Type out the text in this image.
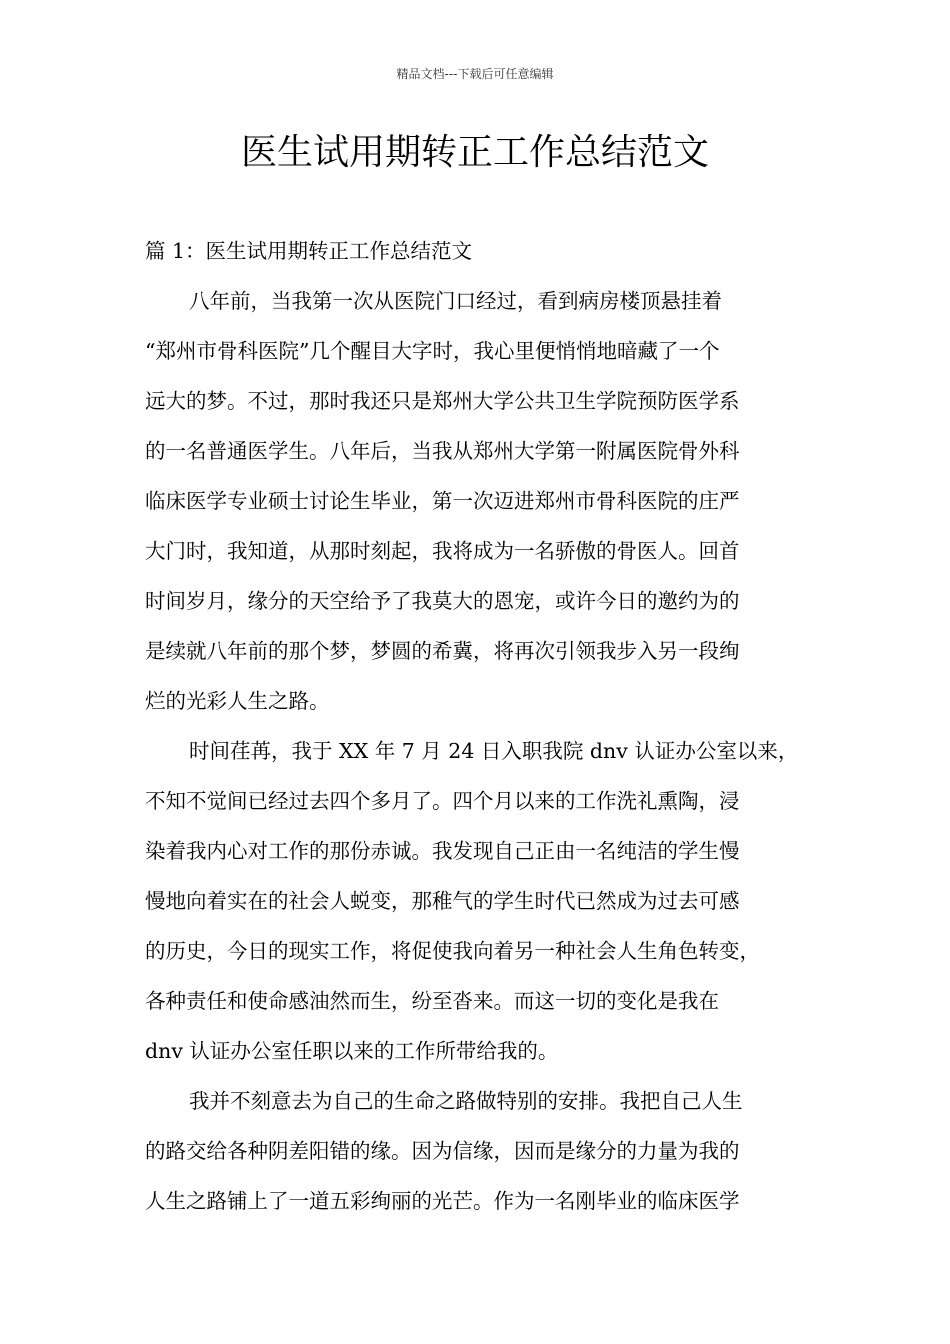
精品文档---下载后可任意编辑
医生试用期转正工作总结范文
篇 1：医生试用期转正工作总结范文
八年前，当我第一次从医院门口经过，看到病房楼顶悬挂着
“郑州市骨科医院”几个醒目大字时，我心里便悄悄地暗藏了一个
远大的梦。不过，那时我还只是郑州大学公共卫生学院预防医学系
的一名普通医学生。八年后，当我从郑州大学第一附属医院骨外科
临床医学专业硕士讨论生毕业，第一次迈进郑州市骨科医院的庄严
大门时，我知道，从那时刻起，我将成为一名骄傲的骨医人。回首
时间岁月，缘分的天空给予了我莫大的恩宠，或许今日的邀约为的
是续就八年前的那个梦，梦圆的希冀，将再次引领我步入另一段绚
烂的光彩人生之路。
时间荏苒，我于 XX 年 7 月 24 日入职我院 dnv 认证办公室以来，
不知不觉间已经过去四个多月了。四个月以来的工作洗礼熏陶，浸
染着我内心对工作的那份赤诚。我发现自己正由一名纯洁的学生慢
慢地向着实在的社会人蜕变，那稚气的学生时代已然成为过去可感
的历史，今日的现实工作，将促使我向着另一种社会人生角色转变，
各种责任和使命感油然而生，纷至沓来。而这一切的变化是我在
dnv 认证办公室任职以来的工作所带给我的。
我并不刻意去为自己的生命之路做特别的安排。我把自己人生
的路交给各种阴差阳错的缘。因为信缘，因而是缘分的力量为我的
人生之路铺上了一道五彩绚丽的光芒。作为一名刚毕业的临床医学
